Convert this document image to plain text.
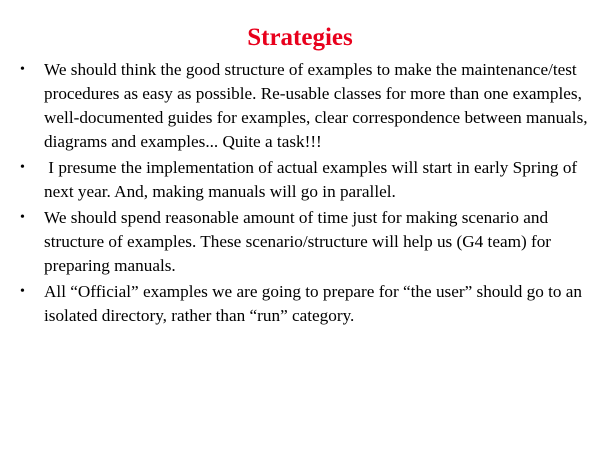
Strategies
• We should think the good structure of examples to make the maintenance/test procedures as easy as possible. Re-usable classes for more than one examples, well-documented guides for examples, clear correspondence between manuals, diagrams and examples... Quite a task!!!
• I presume the implementation of actual examples will start in early Spring of next year. And, making manuals will go in parallel.
• We should spend reasonable amount of time just for making scenario and structure of examples. These scenario/structure will help us (G4 team) for preparing manuals.
• All “Official” examples we are going to prepare for “the user” should go to an isolated directory, rather than “run” category.
